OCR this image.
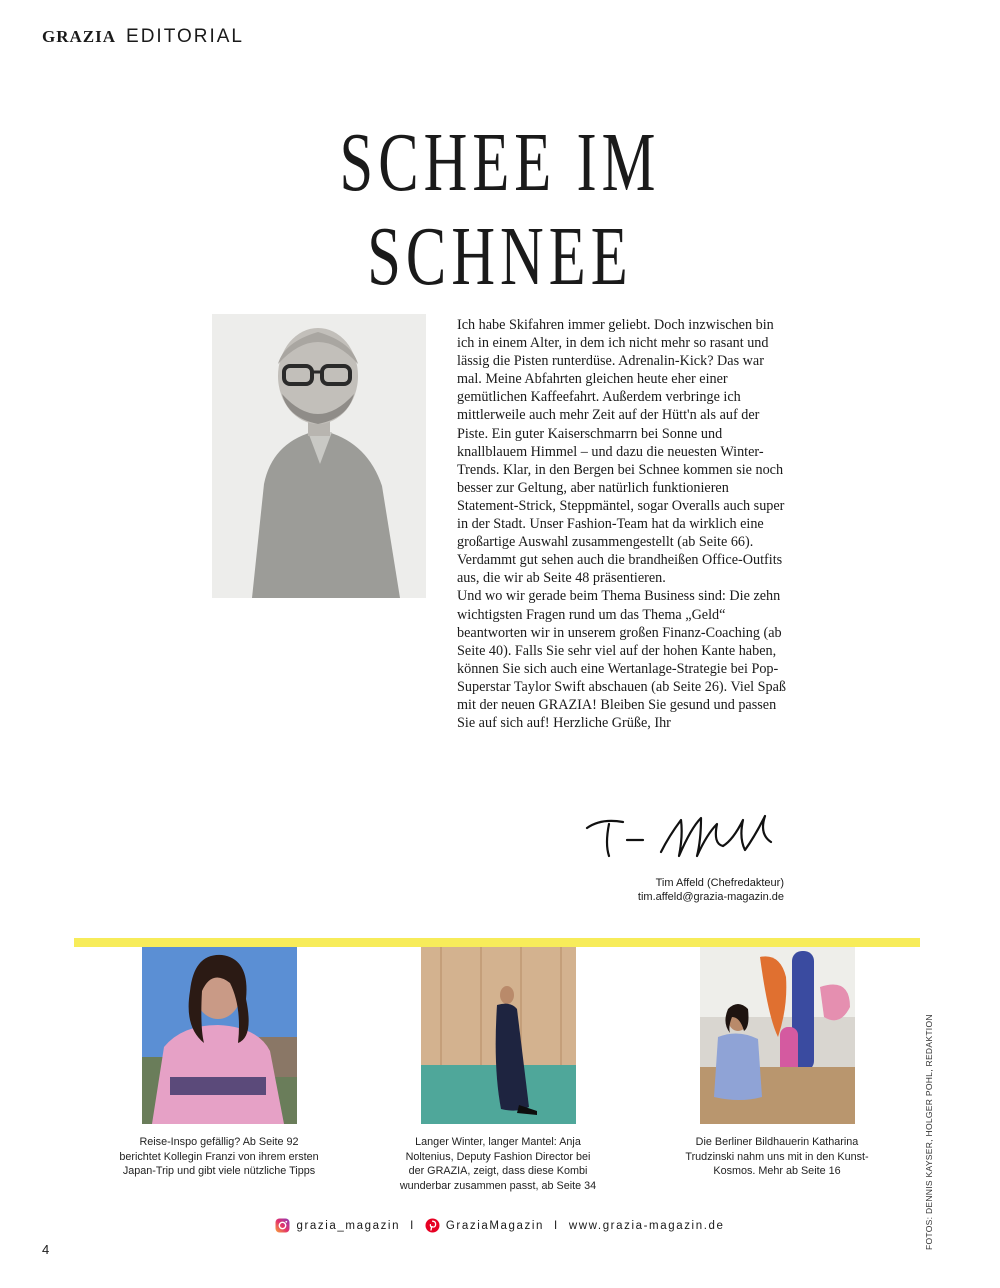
GRAZIA EDITORIAL
SCHEE IM
SCHNEE

Ich habe Skifahren immer geliebt. Doch inzwischen bin ich in einem Alter, in dem ich nicht mehr so rasant und lässig die Pisten runterdüse. Adrenalin-Kick? Das war mal. Meine Abfahrten gleichen heute eher einer gemütlichen Kaffeefahrt. Außerdem verbringe ich mittlerweile auch mehr Zeit auf der Hütt'n als auf der Piste. Ein guter Kaiserschmarrn bei Sonne und knallblauem Himmel – und dazu die neuesten Winter-Trends. Klar, in den Bergen bei Schnee kommen sie noch besser zur Geltung, aber natürlich funktionieren Statement-Strick, Steppmäntel, sogar Overalls auch super in der Stadt. Unser Fashion-Team hat da wirklich eine großartige Auswahl zusammengestellt (ab Seite 66). Verdammt gut sehen auch die brandheißen Office-Outfits aus, die wir ab Seite 48 präsentieren.

Und wo wir gerade beim Thema Business sind: Die zehn wichtigsten Fragen rund um das Thema „Geld“ beantworten wir in unserem großen Finanz-Coaching (ab Seite 40). Falls Sie sehr viel auf der hohen Kante haben, können Sie sich auch eine Wertanlage-Strategie bei Pop-Superstar Taylor Swift abschauen (ab Seite 26). Viel Spaß mit der neuen GRAZIA! Bleiben Sie gesund und passen Sie auf sich auf! Herzliche Grüße, Ihr

Tim Affeld (Chefredakteur)
tim.affeld@grazia-magazin.de
Reise-Inspo gefällig? Ab Seite 92 berichtet Kollegin Franzi von ihrem ersten Japan-Trip und gibt viele nützliche Tipps
Langer Winter, langer Mantel: Anja Noltenius, Deputy Fashion Director bei der GRAZIA, zeigt, dass diese Kombi wunderbar zusammen passt, ab Seite 34
Die Berliner Bildhauerin Katharina Trudzinski nahm uns mit in den Kunst-Kosmos. Mehr ab Seite 16
grazia_magazin I	GraziaMagazin I www.grazia-magazin.de
4	FOTOS: DENNIS KAYSER, HOLGER POHL, REDAKTION
